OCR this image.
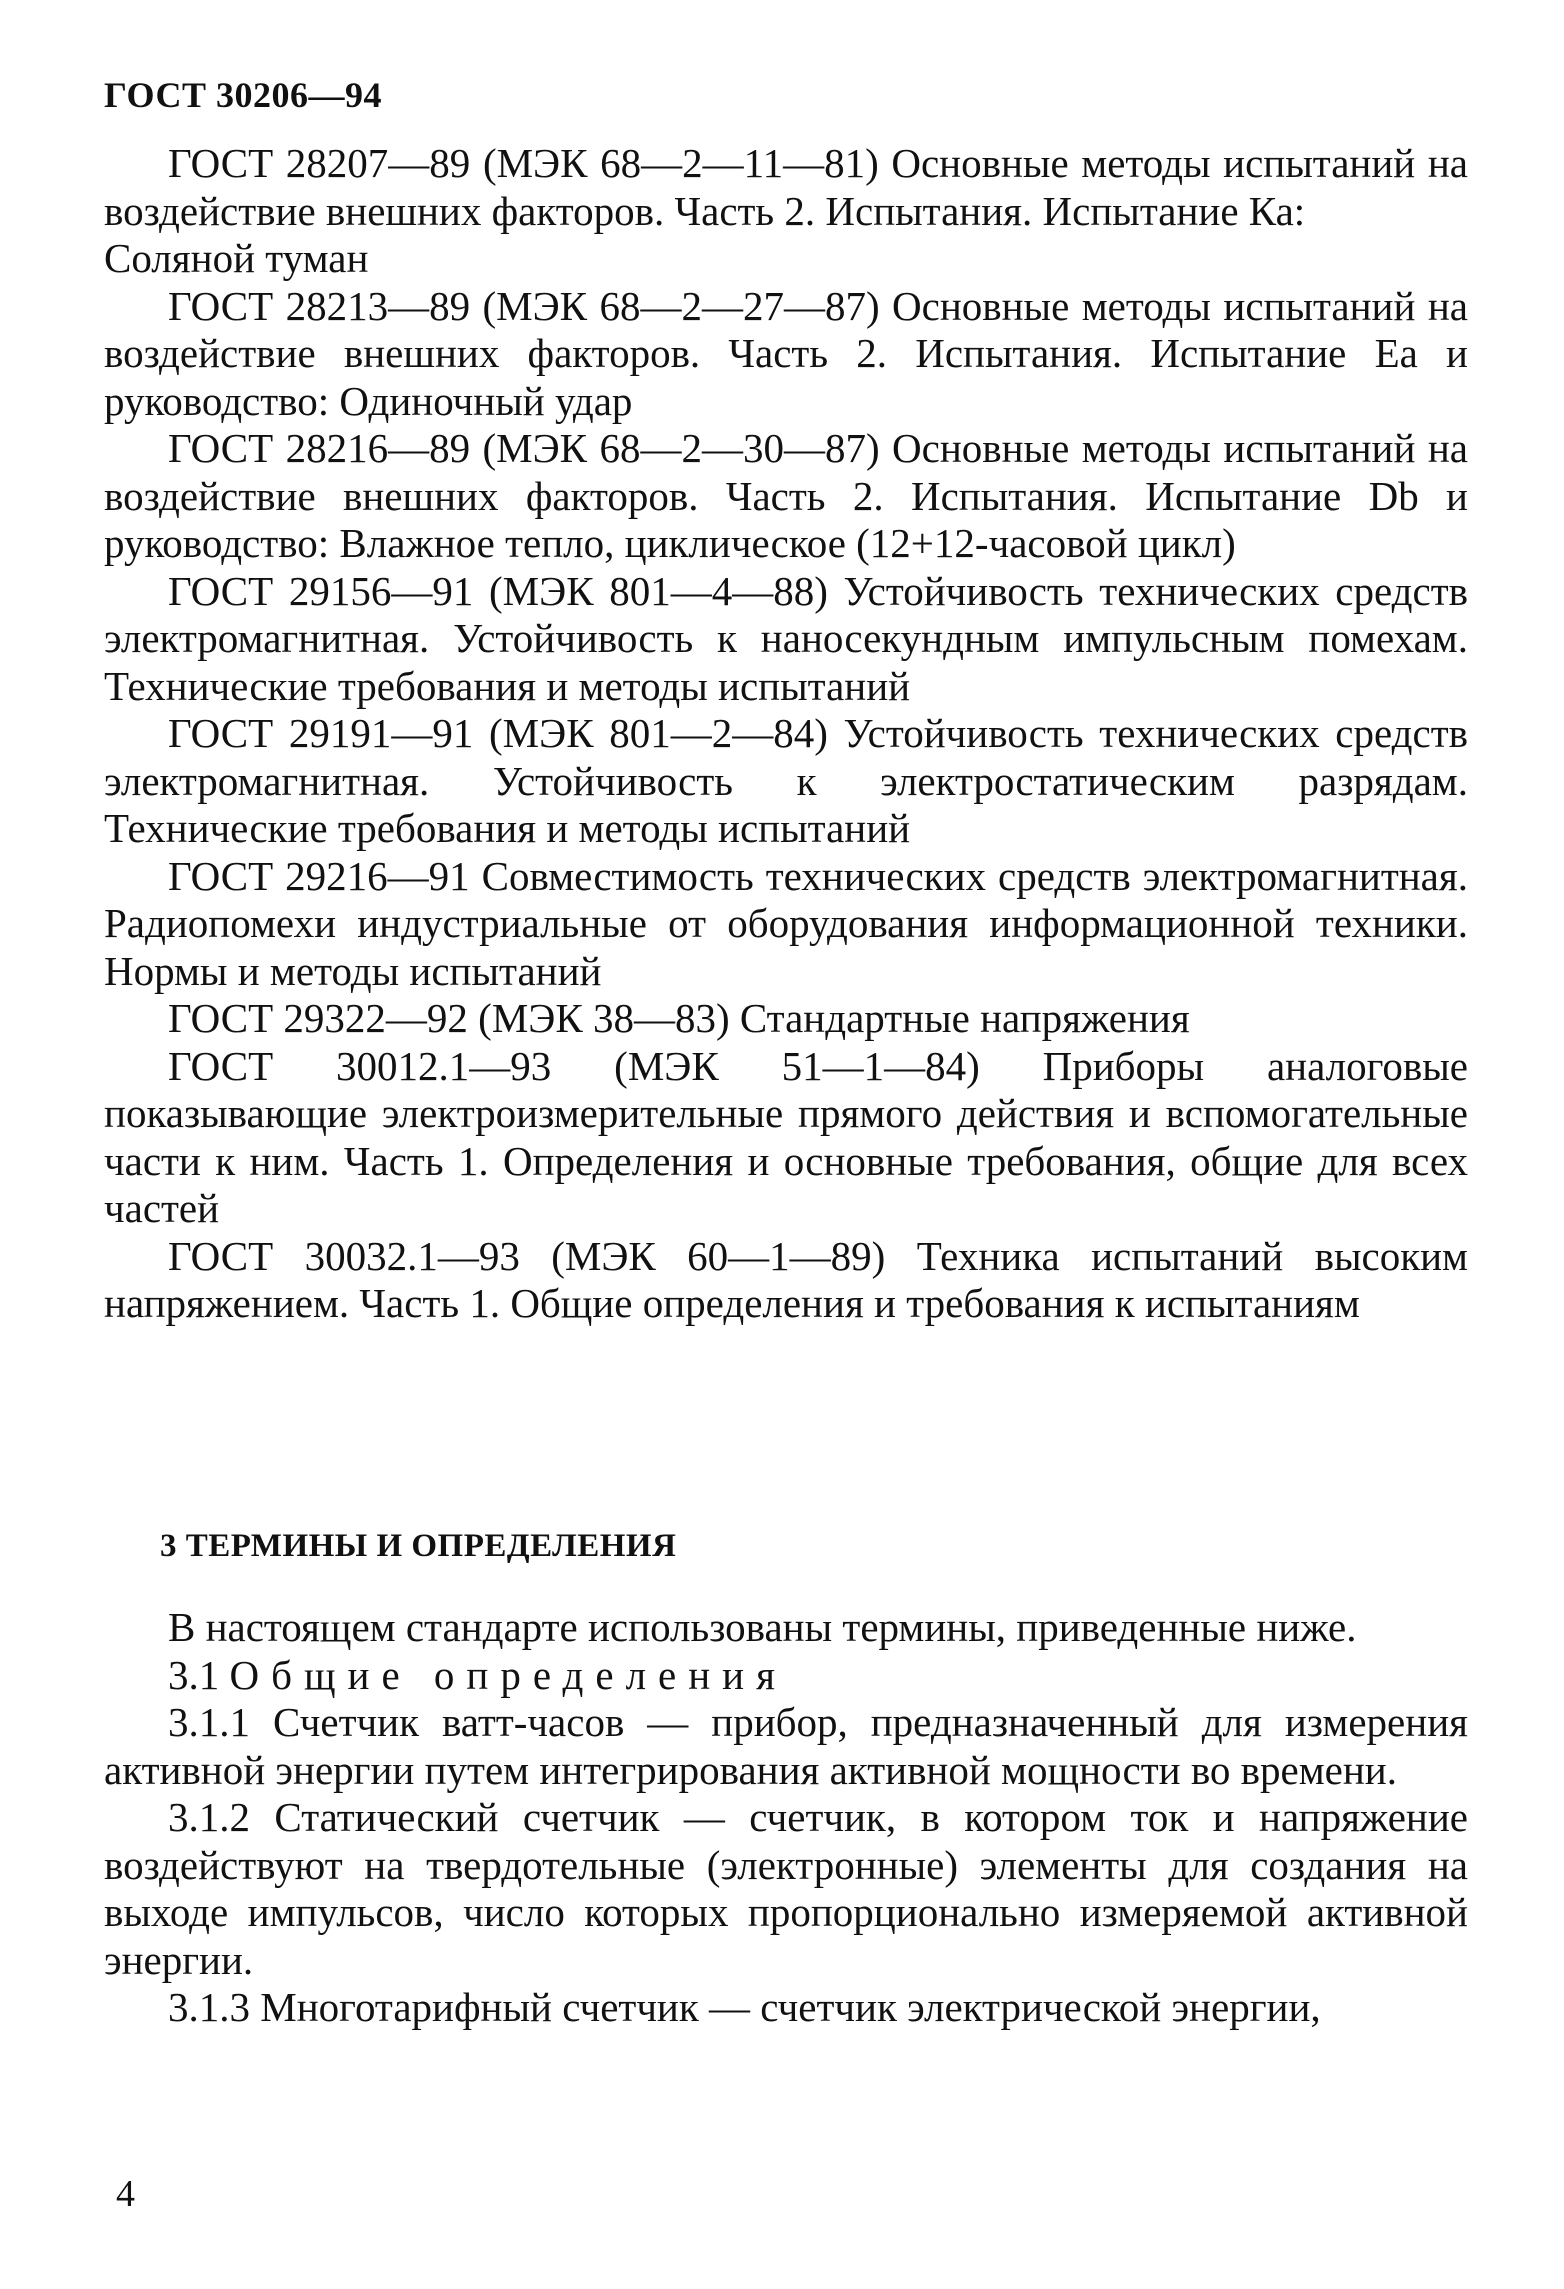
ГОСТ 30206—94

ГОСТ 28207—89 (МЭК 68—2—11—81) Основные методы испытаний на воздействие внешних факторов. Часть 2. Испытания. Испытание Ка:

Соляной туман

ГОСТ 28213—89 (МЭК 68—2—27—87) Основные методы испытаний на воздействие внешних факторов. Часть 2. Испытания. Испытание Еа и руководство: Одиночный удар

ГОСТ 28216—89 (МЭК 68—2—30—87) Основные методы испытаний на воздействие внешних факторов. Часть 2. Испытания. Испытание Db и руководство: Влажное тепло, циклическое (12+12-часовой цикл)

ГОСТ 29156—91 (МЭК 801—4—88) Устойчивость технических средств электромагнитная. Устойчивость к наносекундным импульсным помехам. Технические требования и методы испытаний

ГОСТ 29191—91 (МЭК 801—2—84) Устойчивость технических средств электромагнитная. Устойчивость к электростатическим разрядам. Технические требования и методы испытаний

ГОСТ 29216—91 Совместимость технических средств электромагнитная. Радиопомехи индустриальные от оборудования информационной техники. Нормы и методы испытаний

ГОСТ 29322—92 (МЭК 38—83) Стандартные напряжения

ГОСТ 30012.1—93 (МЭК 51—1—84) Приборы аналоговые показывающие электроизмерительные прямого действия и вспомогательные части к ним. Часть 1. Определения и основные требования, общие для всех частей

ГОСТ 30032.1—93 (МЭК 60—1—89) Техника испытаний высоким напряжением. Часть 1. Общие определения и требования к испытаниям

3 ТЕРМИНЫ И ОПРЕДЕЛЕНИЯ

В настоящем стандарте использованы термины, приведенные ниже.

3.1 Общие определения

3.1.1 Счетчик ватт-часов — прибор, предназначенный для измерения активной энергии путем интегрирования активной мощности во времени.

3.1.2 Статический счетчик — счетчик, в котором ток и напряжение воздействуют на твердотельные (электронные) элементы для создания на выходе импульсов, число которых пропорционально измеряемой активной энергии.

3.1.3 Многотарифный счетчик — счетчик электрической энергии,

4
